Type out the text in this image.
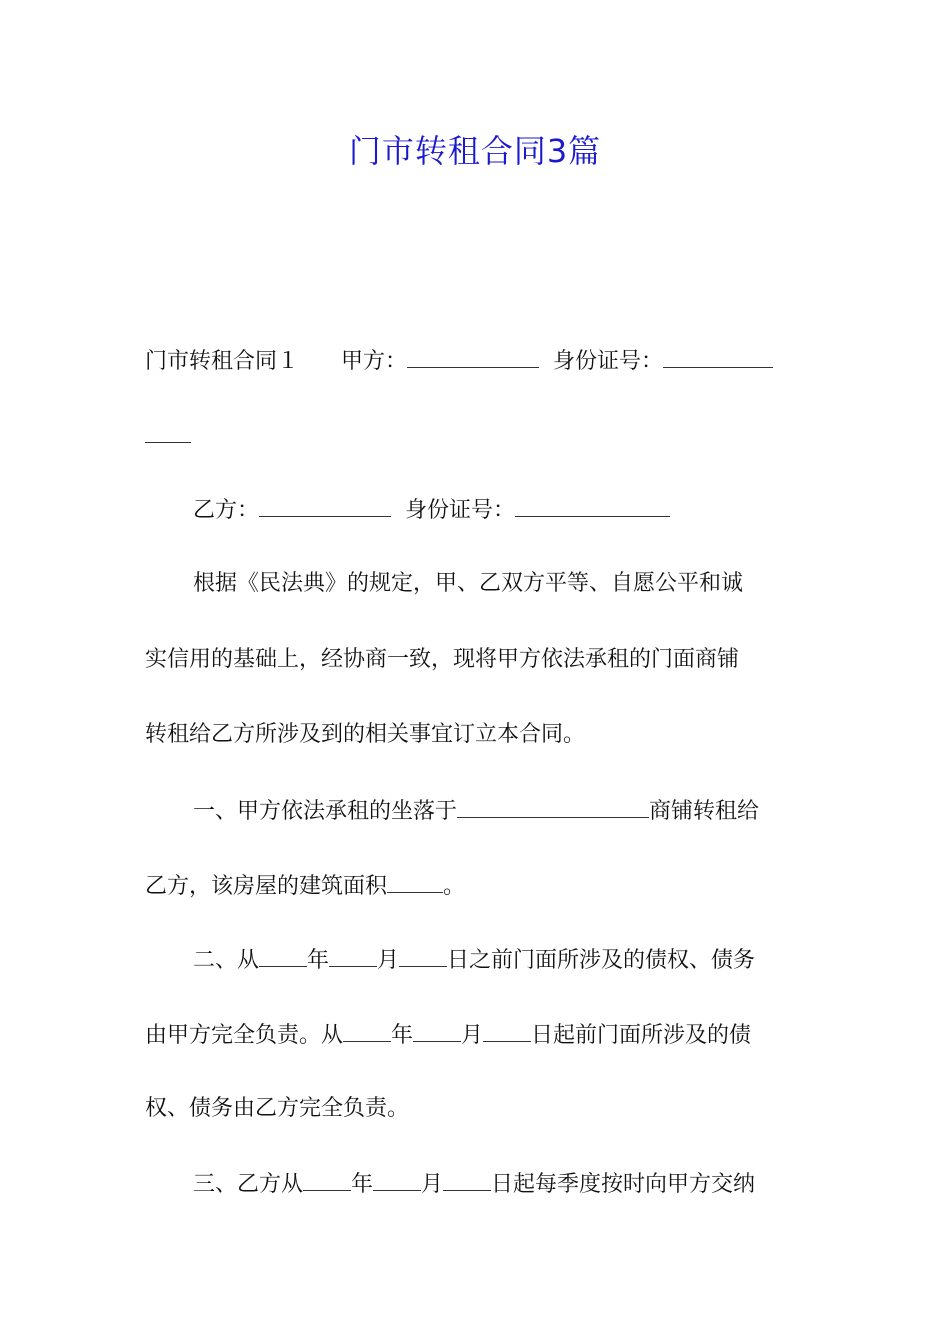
门市转租合同3篇
门市转租合同１ 甲方：	身份证号：
乙方：	身份证号：
根据《民法典》的规定，甲、乙双方平等、自愿公平和诚
实信用的基础上，经协商一致，现将甲方依法承租的门面商铺
转租给乙方所涉及到的相关事宜订立本合同。
一、甲方依法承租的坐落于	商铺转租给
乙方，该房屋的建筑面积	。
二、从 年 月 日之前门面所涉及的债权、债务
由甲方完全负责。从 年 月 日起前门面所涉及的债
权、债务由乙方完全负责。
三、乙方从 年 月 日起每季度按时向甲方交纳
